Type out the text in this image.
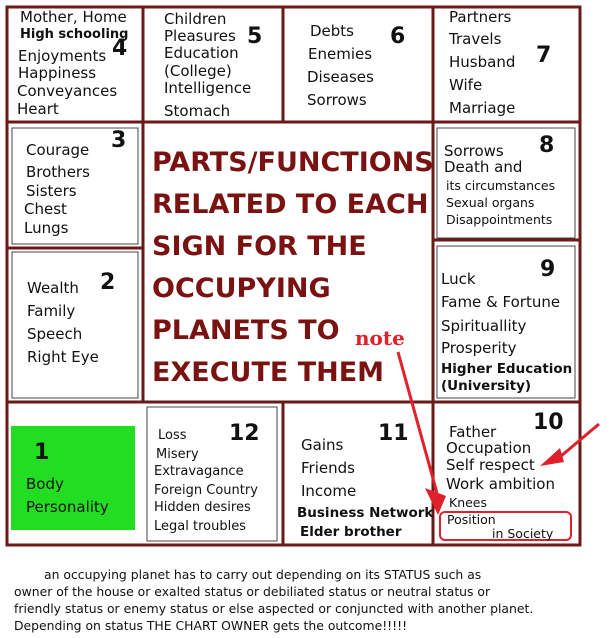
Mother, Home
High schooling
Enjoyments
Happiness
Conveyances
Heart
4
Children
Pleasures
Education
(College)
Intelligence
Stomach
5	Debts
Enemies
Diseases
Sorrows
6
Partners
Travels
Husband
Wife
Marriage
7
Courage
Brothers
Sisters
Chest
Lungs
3
Wealth
Family
Speech
Right Eye
2
PARTS/FUNCTIONS
RELATED TO EACH
SIGN FOR THE
OCCUPYING
PLANETS TO
EXECUTE THEM
note
Sorrows
Death and
its circumstances
Sexual organs
Disappointments
8
Luck
Fame & Fortune
Spirituallity
Prosperity
Higher Education
(University)
9
Body
Personality
1
Loss
Misery
Extravagance
Foreign Country
Hidden desires
Legal troubles
12	Gains
Friends
Income
Business Network
Elder brother
11	Father
Occupation
Self respect
Work ambition
Knees
Position
in Society
10
an occupying planet has to carry out depending on its STATUS such as
owner of the house or exalted status or debiliated status or neutral status or
friendly status or enemy status or else aspected or conjuncted with another planet.
Depending on status THE CHART OWNER gets the outcome!!!!!
